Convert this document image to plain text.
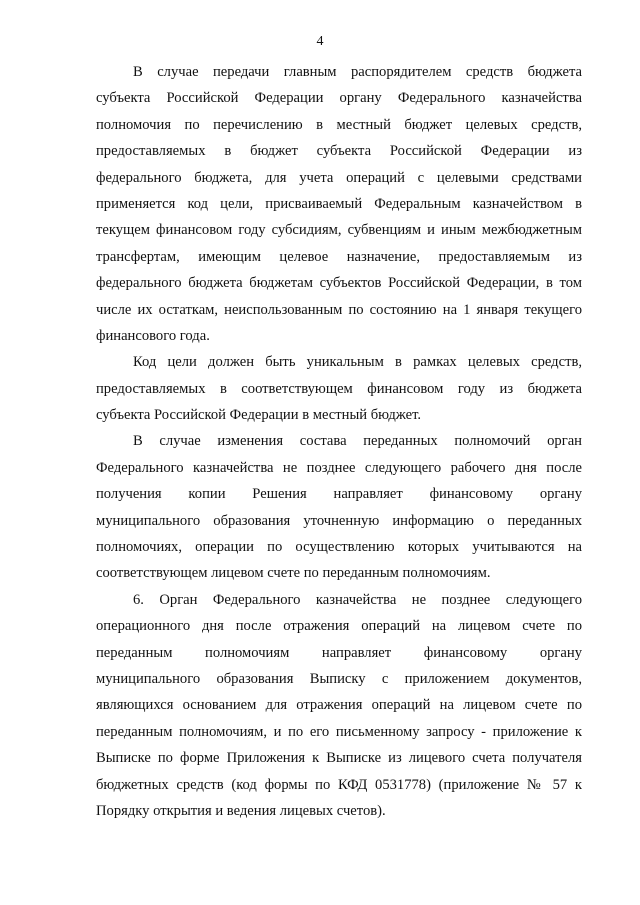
4
В случае передачи главным распорядителем средств бюджета
субъекта Российской Федерации органу Федерального казначейства
полномочия по перечислению в местный бюджет целевых средств,
предоставляемых в бюджет субъекта Российской Федерации из
федерального бюджета, для учета операций с целевыми средствами
применяется код цели, присваиваемый Федеральным казначейством в
текущем финансовом году субсидиям, субвенциям и иным межбюджетным
трансфертам, имеющим целевое назначение, предоставляемым из
федерального бюджета бюджетам субъектов Российской Федерации, в том
числе их остаткам, неиспользованным по состоянию на 1 января текущего
финансового года.
Код цели должен быть уникальным в рамках целевых средств,
предоставляемых в соответствующем финансовом году из бюджета
субъекта Российской Федерации в местный бюджет.
В случае изменения состава переданных полномочий орган
Федерального казначейства не позднее следующего рабочего дня после
получения копии Решения направляет финансовому органу
муниципального образования уточненную информацию о переданных
полномочиях, операции по осуществлению которых учитываются на
соответствующем лицевом счете по переданным полномочиям.
6. Орган Федерального казначейства не позднее следующего
операционного дня после отражения операций на лицевом счете по
переданным полномочиям направляет финансовому органу
муниципального образования Выписку с приложением документов,
являющихся основанием для отражения операций на лицевом счете по
переданным полномочиям, и по его письменному запросу - приложение к
Выписке по форме Приложения к Выписке из лицевого счета получателя
бюджетных средств (код формы по КФД 0531778) (приложение № 57 к
Порядку открытия и ведения лицевых счетов).
